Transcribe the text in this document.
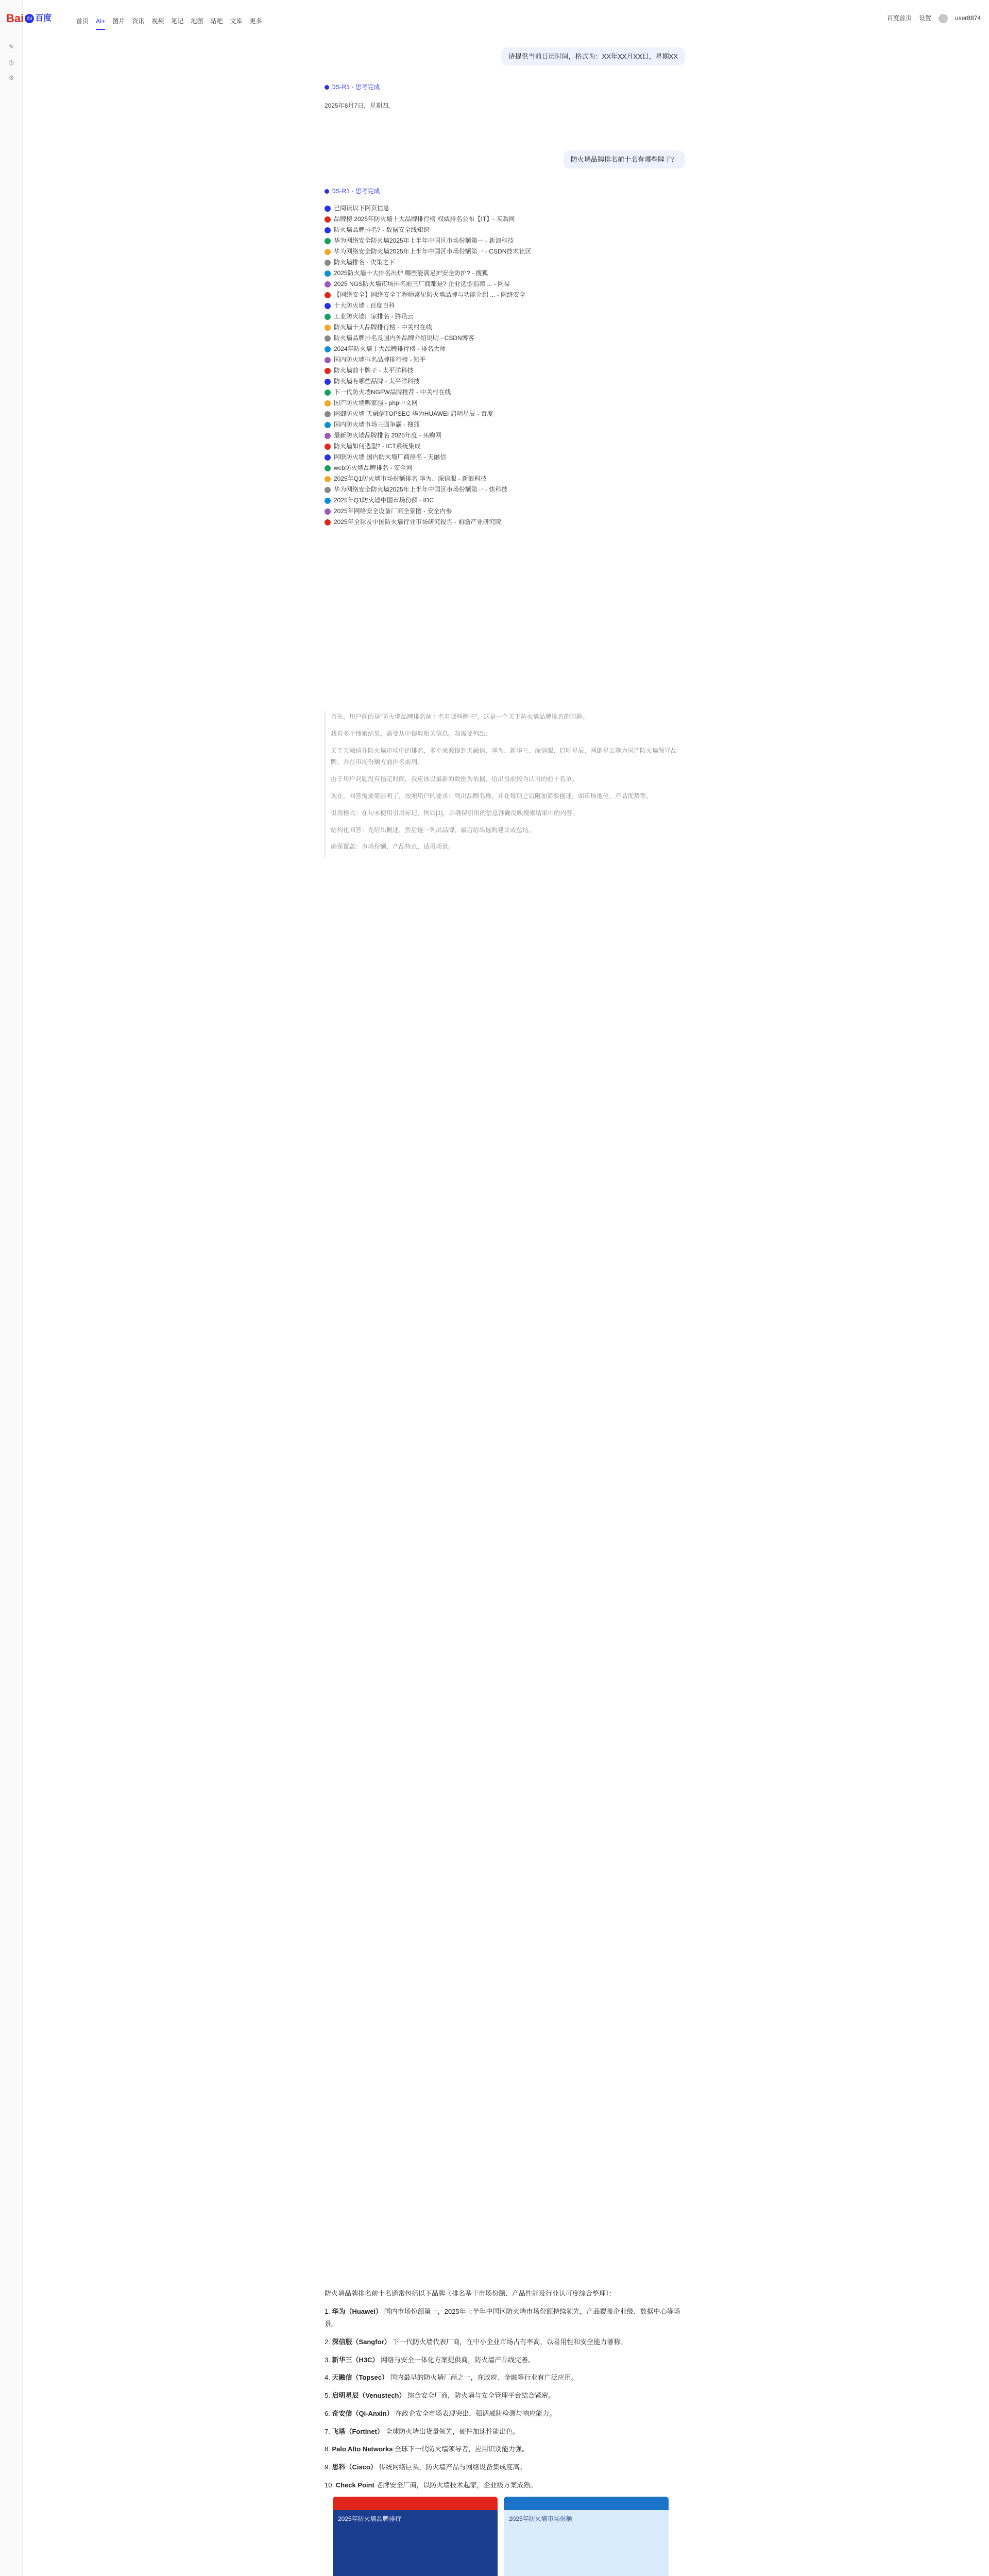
✎
◷
⚙
Bai du 百度	首页 AI+ 图片 资讯 视频 笔记 地图 贴吧 文库 更多	百度首页 设置	user8874
请提供当前日历时间，格式为：XX年XX月XX日，星期XX
DS-R1 · 思考完成
2025年8月7日，星期四。
防火墙品牌排名前十名有哪些牌子？
DS-R1 · 思考完成
已阅读以下网页信息
品牌榜 2025年防火墙十大品牌排行榜 权威排名公布【IT】- 买购网
防火墙品牌排名? - 数据安全线知识
华为网络安全防火墙2025年上半年中国区市场份额第一 - 新浪科技
华为网络安全防火墙2025年上半年中国区市场份额第一 - CSDN技术社区
防火墙排名 - 决策之下
2025防火墙十大排名出炉 哪些能满足护安全防护? - 搜狐
2025 NGS防火墙市场排名前三厂商都是? 企业选型指南 ... - 网易
【网络安全】网络安全工程师常见防火墙品牌与功能介绍 ... - 网络安全
十大防火墙 - 百度百科
工业防火墙厂家排名 - 腾讯云
防火墙十大品牌排行榜 - 中关村在线
防火墙品牌排名及国内外品牌介绍说明 - CSDN博客
2024年防火墙十大品牌排行榜 - 排名大师
国内防火墙排名品牌排行榜 - 知乎
防火墙前十牌子 - 太平洋科技
防火墙有哪些品牌 - 太平洋科技
下一代防火墙NGFW品牌推荐 - 中关村在线
国产防火墙哪家强 - php中文网
网御防火墙 天融信TOPSEC 华为HUAWEI 启明星辰 - 百度
国内防火墙市场三强争霸 - 搜狐
最新防火墙品牌排名 2025年度 - 买购网
防火墙如何选型? - ICT系统集成
网联防火墙 国内防火墙厂商排名 - 天融信
web防火墙品牌排名 - 安全网
2025年Q1防火墙市场份额排名 华为、深信服 - 新浪科技
华为网络安全防火墙2025年上半年中国区市场份额第一 - 快科技
2025年Q1防火墙中国市场份额 - IDC
2025年网络安全设备厂商全景图 - 安全内参
2025年全球及中国防火墙行业市场研究报告 - 前瞻产业研究院

首先，用户问的是"防火墙品牌排名前十名有哪些牌子"。这是一个关于防火墙品牌排名的问题。

我有多个搜索结果，需要从中提取相关信息。我需要列出：

关于天融信在防火墙市场中的排名，多个来源提到天融信、华为、新华三、深信服、启明星辰、网御星云等为国产防火墙领导品牌，并在市场份额方面排名前列。

由于用户问题没有指定时间，我应该以最新的数据为依据，给出当前较为认可的前十名单。

现在，回答需要简洁明了，按照用户的要求：列出品牌名称，并在每项之后附加简要描述，如市场地位、产品优势等。

引用格式：在句末使用引用标记，例如[1]，并确保引用的信息准确反映搜索结果中的内容。

结构化回答：先给出概述，然后逐一列出品牌，最后给出选购建议或总结。

确保覆盖：市场份额、产品特点、适用场景。

防火墙品牌排名前十名通常包括以下品牌（排名基于市场份额、产品性能及行业认可度综合整理）：

1. 华为（Huawei） 国内市场份额第一，2025年上半年中国区防火墙市场份额持续领先，产品覆盖企业级、数据中心等场景。

2. 深信服（Sangfor） 下一代防火墙代表厂商，在中小企业市场占有率高，以易用性和安全能力著称。

3. 新华三（H3C） 网络与安全一体化方案提供商，防火墙产品线完善。

4. 天融信（Topsec） 国内最早的防火墙厂商之一，在政府、金融等行业有广泛应用。

5. 启明星辰（Venustech） 综合安全厂商，防火墙与安全管理平台结合紧密。

6. 奇安信（Qi-Anxin） 在政企安全市场表现突出，强调威胁检测与响应能力。

7. 飞塔（Fortinet） 全球防火墙出货量领先，硬件加速性能出色。

8. Palo Alto Networks 全球下一代防火墙领导者，应用识别能力强。

9. 思科（Cisco） 传统网络巨头，防火墙产品与网络设备集成度高。

10. Check Point 老牌安全厂商，以防火墙技术起家，企业级方案成熟。

2025年防火墙品牌排行	2025年防火墙市场份额
